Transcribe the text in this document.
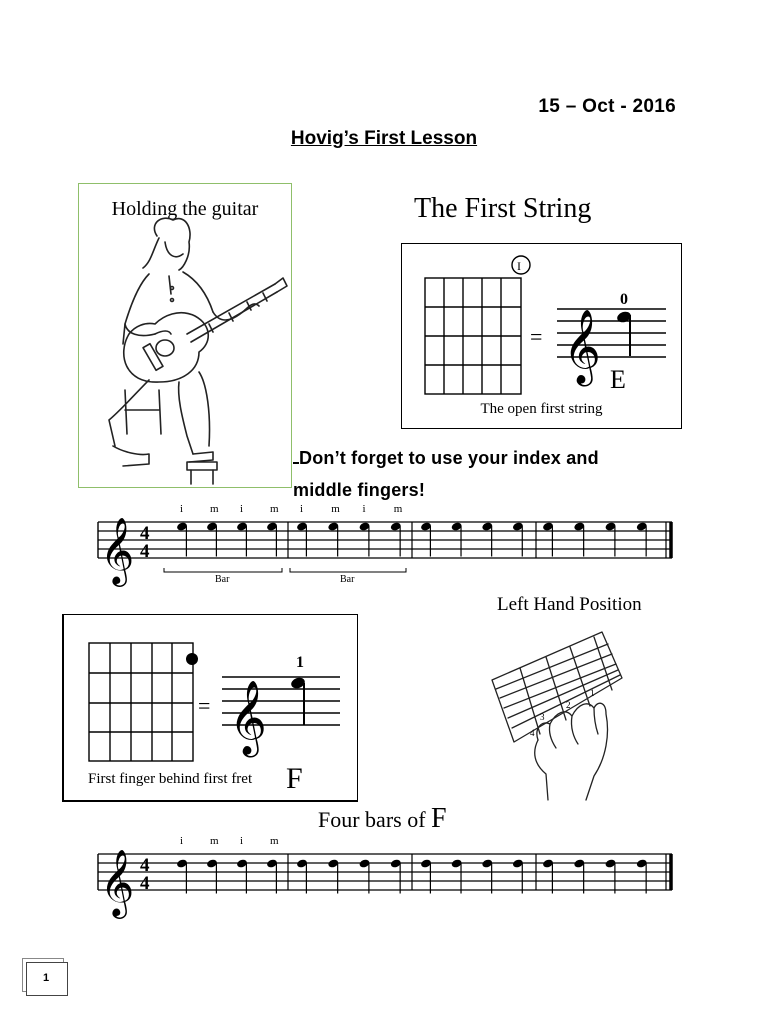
15 – Oct - 2016
Hovig’s First Lesson
Holding the guitar	The First String
𝄞
I
0
E
=
The open first string
Don’t forget to use your index and
middle fingers!
𝄞 4
4
i m i m i	m i	m
Bar	Bar
Left Hand Position
3
2
1
4
𝄞
1
=
First finger behind first fret F
Four bars of F
𝄞 4
4
i m i m
1
